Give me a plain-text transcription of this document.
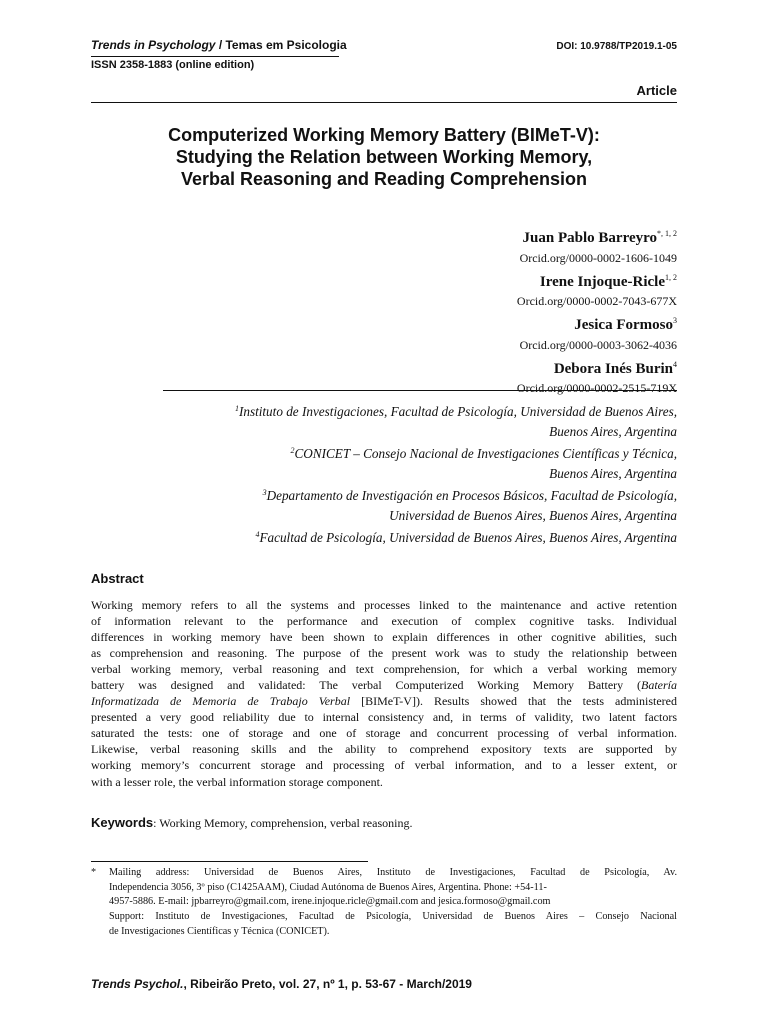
Trends in Psychology / Temas em Psicologia
ISSN 2358-1883 (online edition)
DOI: 10.9788/TP2019.1-05
Article
Computerized Working Memory Battery (BIMeT-V):
Studying the Relation between Working Memory,
Verbal Reasoning and Reading Comprehension
Juan Pablo Barreyro$^{*, 1, 2}$
Orcid.org/0000-0002-1606-1049
Irene Injoque-Ricle$^{1, 2}$
Orcid.org/0000-0002-7043-677X
Jesica Formoso$^3$
Orcid.org/0000-0003-3062-4036
Debora Inés Burin$^4$
Orcid.org/0000-0002-2515-719X
$^1$Instituto de Investigaciones, Facultad de Psicología, Universidad de Buenos Aires,
Buenos Aires, Argentina
$^2$CONICET – Consejo Nacional de Investigaciones Científicas y Técnica,
Buenos Aires, Argentina
$^3$Departamento de Investigación en Procesos Básicos, Facultad de Psicología,
Universidad de Buenos Aires, Buenos Aires, Argentina
$^4$Facultad de Psicología, Universidad de Buenos Aires, Buenos Aires, Argentina
Abstract
Working memory refers to all the systems and processes linked to the maintenance and active retention
of information relevant to the performance and execution of complex cognitive tasks. Individual
differences in working memory have been shown to explain differences in other cognitive abilities, such
as comprehension and reasoning. The purpose of the present work was to study the relationship between
verbal working memory, verbal reasoning and text comprehension, for which a verbal working memory
battery was designed and validated: The verbal Computerized Working Memory Battery (Batería
Informatizada de Memoria de Trabajo Verbal [BIMeT-V]). Results showed that the tests administered
presented a very good reliability due to internal consistency and, in terms of validity, two latent factors
saturated the tests: one of storage and one of storage and concurrent processing of verbal information.
Likewise, verbal reasoning skills and the ability to comprehend expository texts are supported by
working memory’s concurrent storage and processing of verbal information, and to a lesser extent, or
with a lesser role, the verbal information storage component.
Keywords: Working Memory, comprehension, verbal reasoning.
* Mailing address: Universidad de Buenos Aires, Instituto de Investigaciones, Facultad de Psicología, Av.
Independencia 3056, 3º piso (C1425AAM), Ciudad Autónoma de Buenos Aires, Argentina. Phone: +54-11-
4957-5886. E-mail: jpbarreyro@gmail.com, irene.injoque.ricle@gmail.com and jesica.formoso@gmail.com
Support: Instituto de Investigaciones, Facultad de Psicología, Universidad de Buenos Aires – Consejo Nacional
de Investigaciones Científicas y Técnica (CONICET).
Trends Psychol., Ribeirão Preto, vol. 27, nº 1, p. 53-67 - March/2019
